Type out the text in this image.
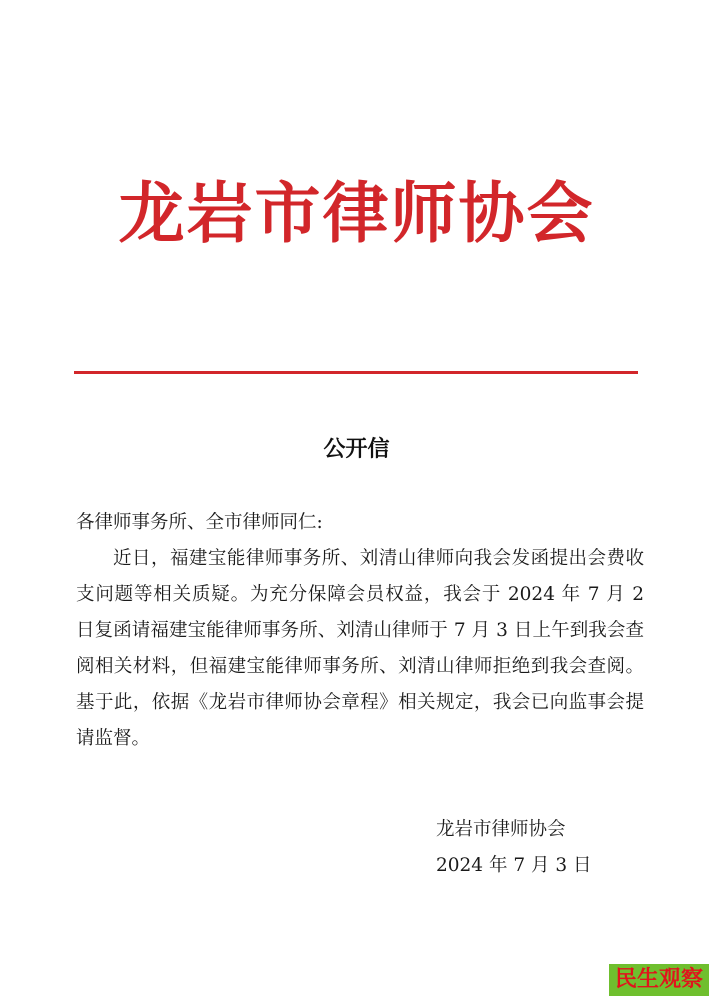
龙岩市律师协会
公开信

各律师事务所、全市律师同仁:

近日，福建宝能律师事务所、刘清山律师向我会发函提出会费收支问题等相关质疑。为充分保障会员权益，我会于 2024 年 7 月 2 日复函请福建宝能律师事务所、刘清山律师于 7 月 3 日上午到我会查阅相关材料，但福建宝能律师事务所、刘清山律师拒绝到我会查阅。基于此，依据《龙岩市律师协会章程》相关规定，我会已向监事会提请监督。

龙岩市律师协会
2024 年 7 月 3 日
民生观察
